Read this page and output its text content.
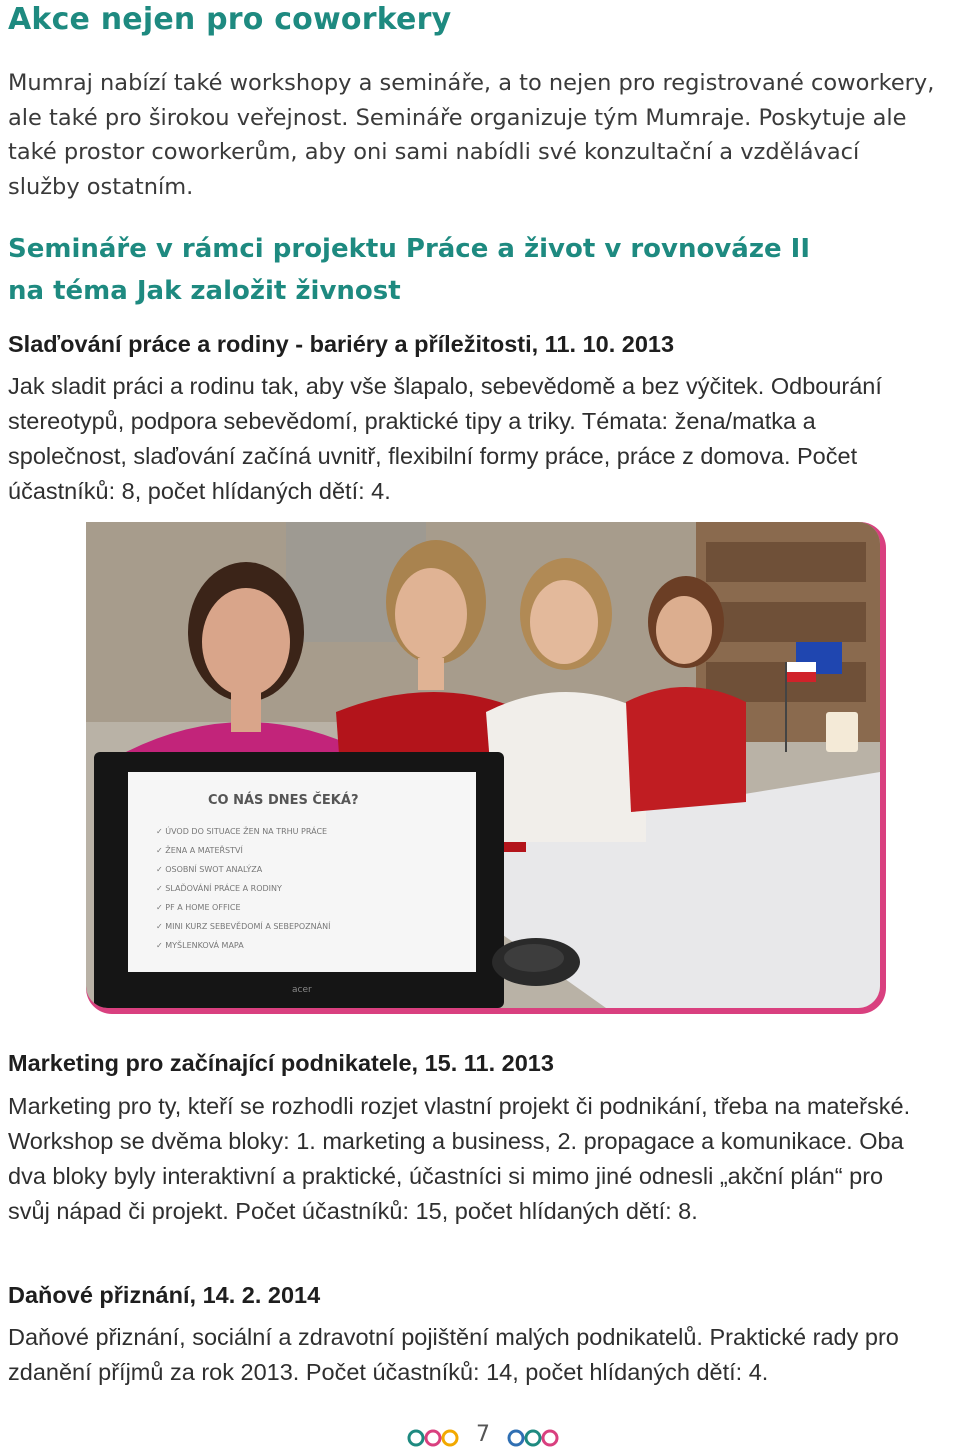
Akce nejen pro coworkery

Mumraj nabízí také workshopy a semináře, a to nejen pro registrované coworkery, ale také pro širokou veřejnost. Semináře organizuje tým Mumraje. Poskytuje ale také prostor coworkerům, aby oni sami nabídli své konzultační a vzdělávací služby ostatním.

Semináře v rámci projektu Práce a život v rovnováze II
na téma Jak založit živnost
Slaďování práce a rodiny - bariéry a příležitosti, 11. 10. 2013

Jak sladit práci a rodinu tak, aby vše šlapalo, sebevědomě a bez výčitek. Odbourání stereotypů, podpora sebevědomí, praktické tipy a triky. Témata: žena/matka a společnost, slaďování začíná uvnitř, flexibilní formy práce, práce z domova. Počet účastníků: 8, počet hlídaných dětí: 4.

CO NÁS DNES ČEKÁ?
✓ ÚVOD DO SITUACE ŽEN NA TRHU PRÁCE
✓ ŽENA A MATEŘSTVÍ
✓ OSOBNÍ SWOT ANALÝZA
✓ SLAĎOVÁNÍ PRÁCE A RODINY
✓ PF A HOME OFFICE
✓ MINI KURZ SEBEVĚDOMÍ A SEBEPOZNÁNÍ
✓ MYŠLENKOVÁ MAPA
acer
Marketing pro začínající podnikatele, 15. 11. 2013

Marketing pro ty, kteří se rozhodli rozjet vlastní projekt či podnikání, třeba na mateřské. Workshop se dvěma bloky: 1. marketing a business, 2. propagace a komunikace. Oba dva bloky byly interaktivní a praktické, účastníci si mimo jiné odnesli „akční plán“ pro svůj nápad či projekt. Počet účastníků: 15, počet hlídaných dětí: 8.

Daňové přiznání, 14. 2. 2014

Daňové přiznání, sociální a zdravotní pojištění malých podnikatelů. Praktické rady pro zdanění příjmů za rok 2013. Počet účastníků: 14, počet hlídaných dětí: 4.

7
